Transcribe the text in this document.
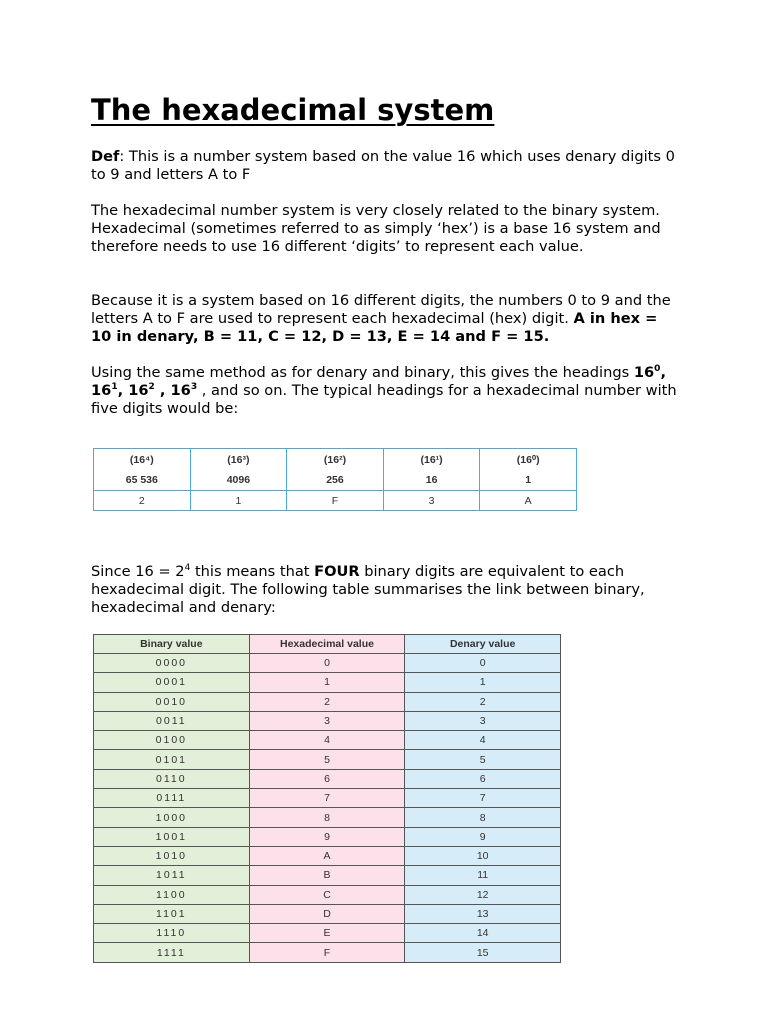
The hexadecimal system

Def: This is a number system based on the value 16 which uses denary digits 0 to 9 and letters A to F

The hexadecimal number system is very closely related to the binary system. Hexadecimal (sometimes referred to as simply ‘hex’) is a base 16 system and therefore needs to use 16 different ‘digits’ to represent each value.

Because it is a system based on 16 different digits, the numbers 0 to 9 and the letters A to F are used to represent each hexadecimal (hex) digit. A in hex = 10 in denary, B = 11, C = 12, D = 13, E = 14 and F = 15.

Using the same method as for denary and binary, this gives the headings $16^0$, $16^1$, $16^2$ , $16^3$ , and so on. The typical headings for a hexadecimal number with five digits would be:

(16⁴)	(16³)	(16²)	(16¹)	(16⁰)
65 536	4096	256	16	1
2	1	F	3	A

Since $16 = 2^4$ this means that FOUR binary digits are equivalent to each hexadecimal digit. The following table summarises the link between binary, hexadecimal and denary:

Binary value	Hexadecimal value	Denary value
0000	0	0
0001	1	1
0010	2	2
0011	3	3
0100	4	4
0101	5	5
0110	6	6
0111	7	7
1000	8	8
1001	9	9
1010	A	10
1011	B	11
1100	C	12
1101	D	13
1110	E	14
1111	F	15
